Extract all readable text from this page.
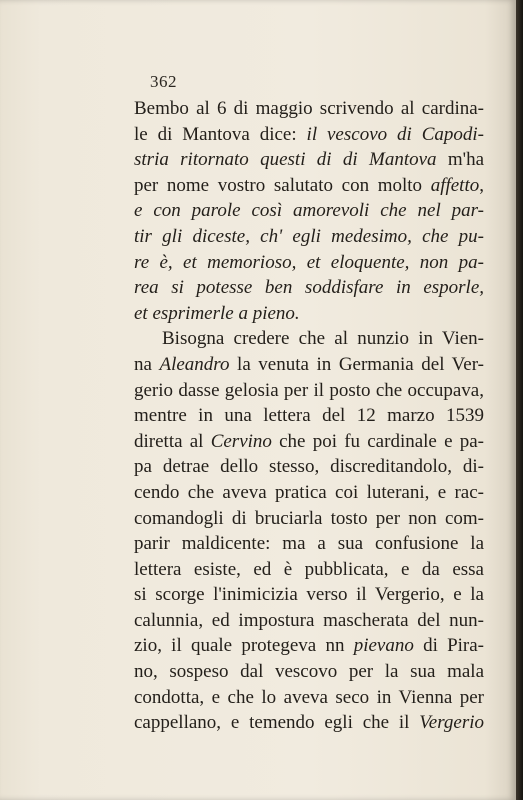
362
Bembo al 6 di maggio scrivendo al cardina-
le di Mantova dice: il vescovo di Capodi-
stria ritornato questi di di Mantova m'ha
per nome vostro salutato con molto affetto,
e con parole così amorevoli che nel par-
tir gli diceste, ch' egli medesimo, che pu-
re è, et memorioso, et eloquente, non pa-
rea si potesse ben soddisfare in esporle,
et esprimerle a pieno.
Bisogna credere che al nunzio in Vien-
na Aleandro la venuta in Germania del Ver-
gerio dasse gelosia per il posto che occupava,
mentre in una lettera del 12 marzo 1539
diretta al Cervino che poi fu cardinale e pa-
pa detrae dello stesso, discreditandolo, di-
cendo che aveva pratica coi luterani, e rac-
comandogli di bruciarla tosto per non com-
parir maldicente: ma a sua confusione la
lettera esiste, ed è pubblicata, e da essa
si scorge l'inimicizia verso il Vergerio, e la
calunnia, ed impostura mascherata del nun-
zio, il quale protegeva nn pievano di Pira-
no, sospeso dal vescovo per la sua mala
condotta, e che lo aveva seco in Vienna per
cappellano, e temendo egli che il Vergerio
